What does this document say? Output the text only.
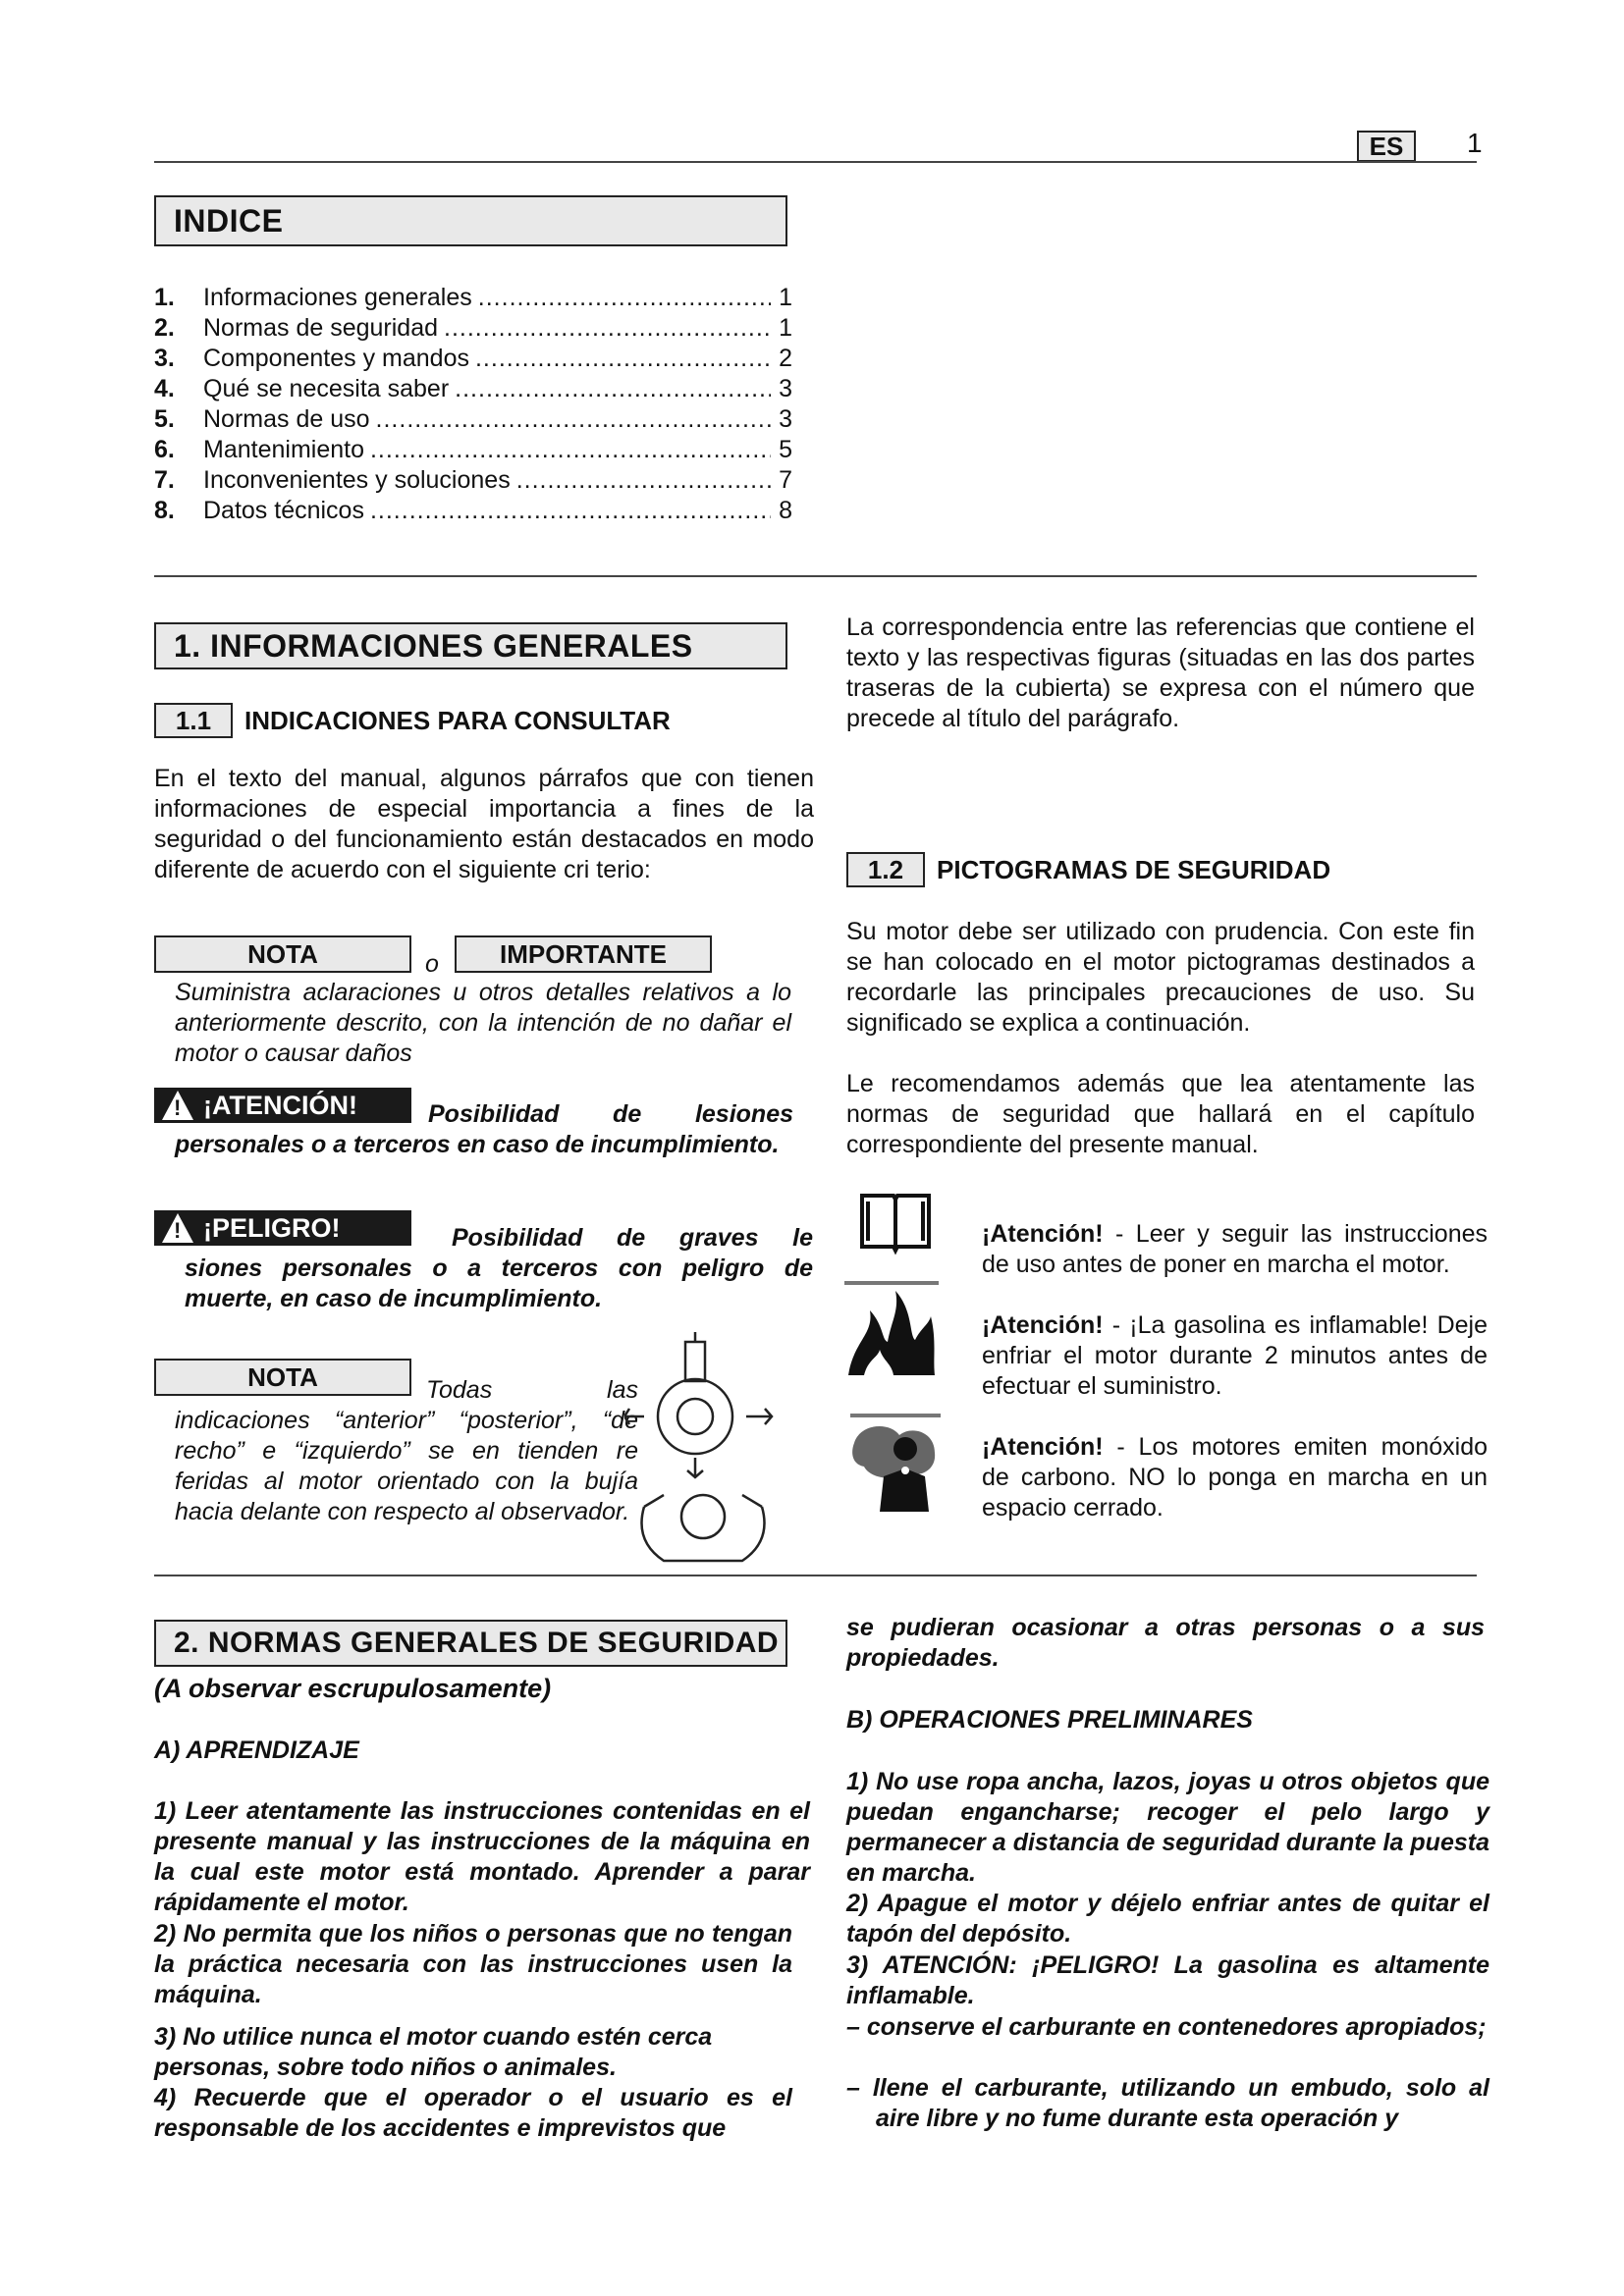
ES	1
INDICE
1.	Informaciones generales .....	1
2.	Normas de seguridad .....	1
3.	Componentes y mandos .....	2
4.	Qué se necesita saber .....	3
5.	Normas de uso .....	3
6.	Mantenimiento .....	5
7.	Inconvenientes y soluciones .....	7
8.	Datos técnicos .....	8
1. INFORMACIONES GENERALES
1.1	INDICACIONES PARA CONSULTAR
En el texto del manual, algunos párrafos que con tienen informaciones de especial importancia a fines de la seguridad o del funcionamiento están destacados en modo diferente de acuerdo con el siguiente cri terio:
NOTA	o	IMPORTANTE
Suministra aclaraciones u otros detalles relativos a lo anteriormente descrito, con la intención de no dañar el motor o causar daños
! ¡ATENCIÓN!	Posibilidad de lesiones personales o a terceros en caso de incumplimiento.
! ¡PELIGRO!	Posibilidad de graves le siones personales o a terceros con peligro de muerte, en caso de incumplimiento.
NOTA	Todas las indicaciones “anterior” “posterior”, “de recho” e “izquierdo” se en tienden re feridas al motor orientado con la bujía hacia delante con respecto al observador.
La correspondencia entre las referencias que contiene el texto y las respectivas figuras (situadas en las dos partes traseras de la cubierta) se expresa con el número que precede al título del parágrafo.
1.2	PICTOGRAMAS DE SEGURIDAD
Su motor debe ser utilizado con prudencia. Con este fin se han colocado en el motor pictogramas destinados a recordarle las principales precauciones de uso. Su significado se explica a continuación.
Le recomendamos además que lea atentamente las normas de seguridad que hallará en el capítulo correspondiente del presente manual.
¡Atención! - Leer y seguir las instrucciones de uso antes de poner en marcha el motor.
¡Atención! - ¡La gasolina es inflamable! Deje enfriar el motor durante 2 minutos antes de efectuar el suministro.
¡Atención! - Los motores emiten monóxido de carbono. NO lo ponga en marcha en un espacio cerrado.
2. NORMAS GENERALES DE SEGURIDAD
(A observar escrupulosamente)
A) APRENDIZAJE
1) Leer atentamente las instrucciones contenidas en el presente manual y las instrucciones de la máquina en la cual este motor está montado. Aprender a parar rápidamente el motor.
2) No permita que los niños o personas que no tengan la práctica necesaria con las instrucciones usen la máquina.
3) No utilice nunca el motor cuando estén cerca personas, sobre todo niños o animales.
4) Recuerde que el operador o el usuario es el responsable de los accidentes e imprevistos que
se pudieran ocasionar a otras personas o a sus propiedades.
B) OPERACIONES PRELIMINARES
1) No use ropa ancha, lazos, joyas u otros objetos que puedan engancharse; recoger el pelo largo y permanecer a distancia de seguridad durante la puesta en marcha.
2) Apague el motor y déjelo enfriar antes de quitar el tapón del depósito.
3) ATENCIÓN: ¡PELIGRO! La gasolina es altamente inflamable.
– conserve el carburante en contenedores apropiados;
– llene el carburante, utilizando un embudo, solo al aire libre y no fume durante esta operación y
